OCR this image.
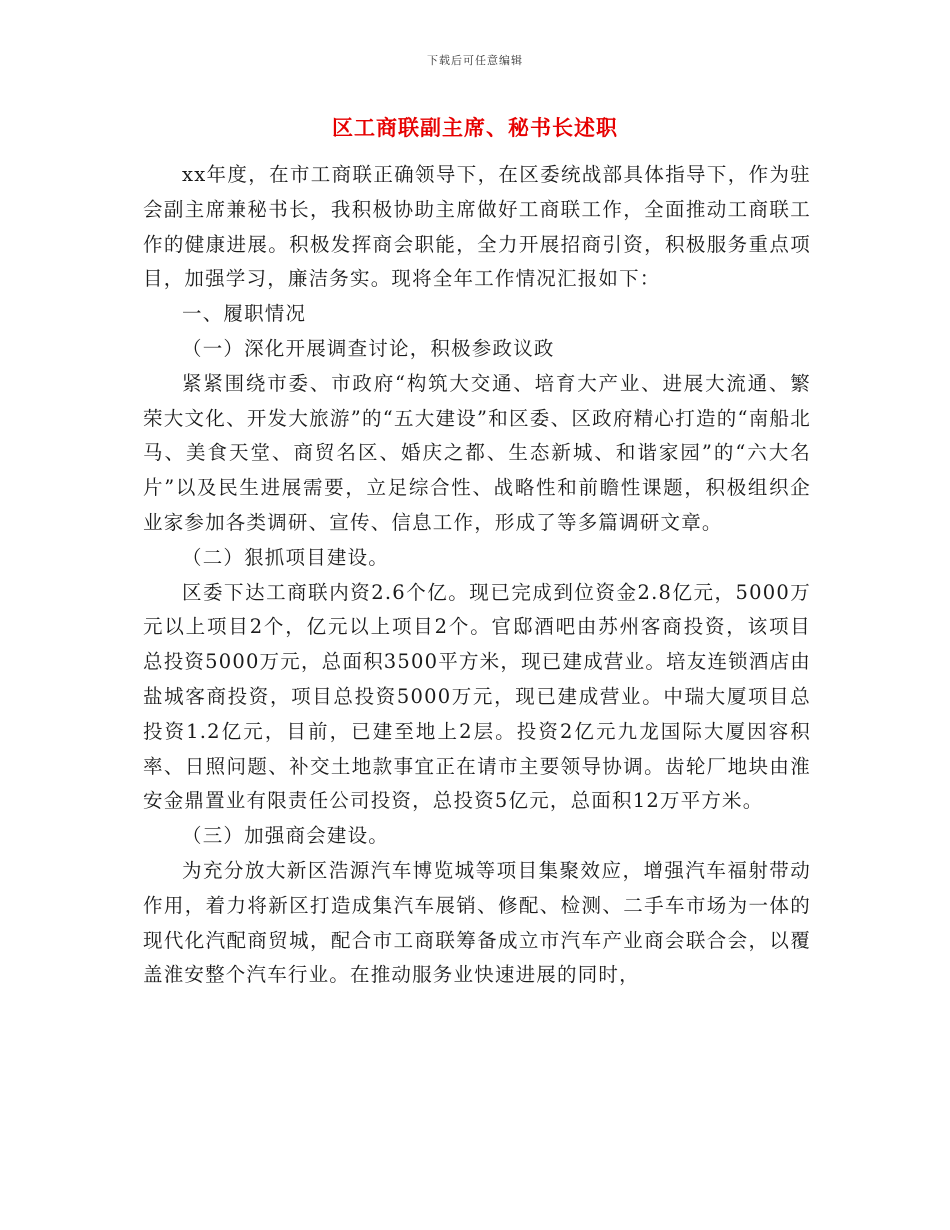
下载后可任意编辑
区工商联副主席、秘书长述职

xx年度，在市工商联正确领导下，在区委统战部具体指导下，作为驻会副主席兼秘书长，我积极协助主席做好工商联工作，全面推动工商联工作的健康进展。积极发挥商会职能，全力开展招商引资，积极服务重点项目，加强学习，廉洁务实。现将全年工作情况汇报如下：

一、履职情况

（一）深化开展调查讨论，积极参政议政

紧紧围绕市委、市政府“构筑大交通、培育大产业、进展大流通、繁荣大文化、开发大旅游”的“五大建设”和区委、区政府精心打造的“南船北马、美食天堂、商贸名区、婚庆之都、生态新城、和谐家园”的“六大名片”以及民生进展需要，立足综合性、战略性和前瞻性课题，积极组织企业家参加各类调研、宣传、信息工作，形成了等多篇调研文章。

（二）狠抓项目建设。

区委下达工商联内资2.6个亿。现已完成到位资金2.8亿元，5000万元以上项目2个，亿元以上项目2个。官邸酒吧由苏州客商投资，该项目总投资5000万元，总面积3500平方米，现已建成营业。培友连锁酒店由盐城客商投资，项目总投资5000万元，现已建成营业。中瑞大厦项目总投资1.2亿元，目前，已建至地上2层。投资2亿元九龙国际大厦因容积率、日照问题、补交土地款事宜正在请市主要领导协调。齿轮厂地块由淮安金鼎置业有限责任公司投资，总投资5亿元，总面积12万平方米。

（三）加强商会建设。

为充分放大新区浩源汽车博览城等项目集聚效应，增强汽车福射带动作用，着力将新区打造成集汽车展销、修配、检测、二手车市场为一体的现代化汽配商贸城，配合市工商联筹备成立市汽车产业商会联合会，以覆盖淮安整个汽车行业。在推动服务业快速进展的同时，
